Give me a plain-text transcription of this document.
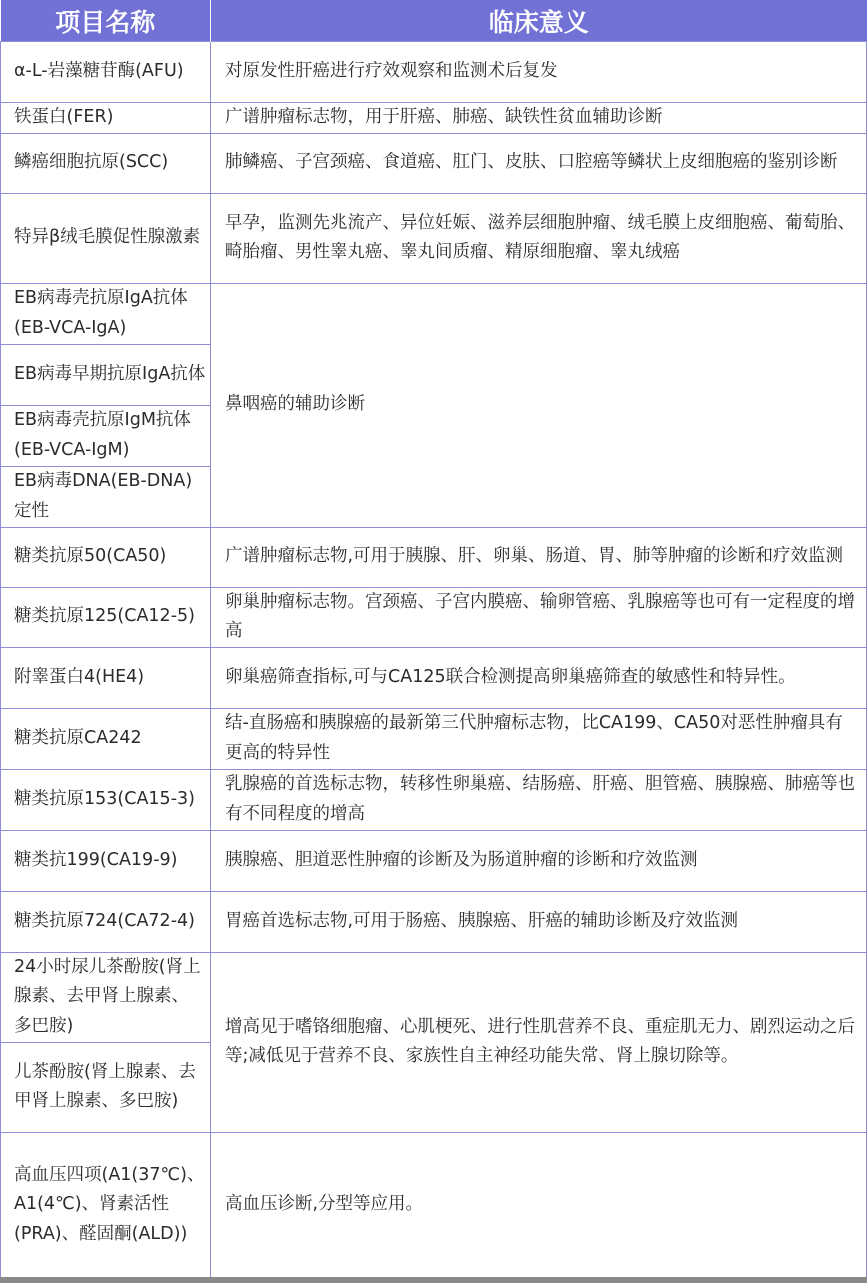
项目名称	临床意义
α-L-岩藻糖苷酶(AFU)	对原发性肝癌进行疗效观察和监测术后复发
铁蛋白(FER)	广谱肿瘤标志物，用于肝癌、肺癌、缺铁性贫血辅助诊断
鳞癌细胞抗原(SCC)	肺鳞癌、子宫颈癌、食道癌、肛门、皮肤、口腔癌等鳞状上皮细胞癌的鉴别诊断
特异β绒毛膜促性腺激素	早孕，监测先兆流产、异位妊娠、滋养层细胞肿瘤、绒毛膜上皮细胞癌、葡萄胎、畸胎瘤、男性睾丸癌、睾丸间质瘤、精原细胞瘤、睾丸绒癌
EB病毒壳抗原IgA抗体(EB-VCA-IgA)	鼻咽癌的辅助诊断
EB病毒早期抗原IgA抗体	
EB病毒壳抗原IgM抗体(EB-VCA-IgM)	
EB病毒DNA(EB-DNA)定性	
糖类抗原50(CA50)	广谱肿瘤标志物,可用于胰腺、肝、卵巢、肠道、胃、肺等肿瘤的诊断和疗效监测
糖类抗原125(CA12-5)	卵巢肿瘤标志物。宫颈癌、子宫内膜癌、输卵管癌、乳腺癌等也可有一定程度的增高
附睾蛋白4(HE4)	卵巢癌筛查指标,可与CA125联合检测提高卵巢癌筛查的敏感性和特异性。
糖类抗原CA242	结-直肠癌和胰腺癌的最新第三代肿瘤标志物，比CA199、CA50对恶性肿瘤具有更高的特异性
糖类抗原153(CA15-3)	乳腺癌的首选标志物，转移性卵巢癌、结肠癌、肝癌、胆管癌、胰腺癌、肺癌等也有不同程度的增高
糖类抗199(CA19-9)	胰腺癌、胆道恶性肿瘤的诊断及为肠道肿瘤的诊断和疗效监测
糖类抗原724(CA72-4)	胃癌首选标志物,可用于肠癌、胰腺癌、肝癌的辅助诊断及疗效监测
24小时尿儿茶酚胺(肾上腺素、去甲肾上腺素、多巴胺)	增高见于嗜铬细胞瘤、心肌梗死、进行性肌营养不良、重症肌无力、剧烈运动之后等;减低见于营养不良、家族性自主神经功能失常、肾上腺切除等。
儿茶酚胺(肾上腺素、去甲肾上腺素、多巴胺)	
高血压四项(A1(37℃)、A1(4℃)、肾素活性(PRA)、醛固酮(ALD))	高血压诊断,分型等应用。
